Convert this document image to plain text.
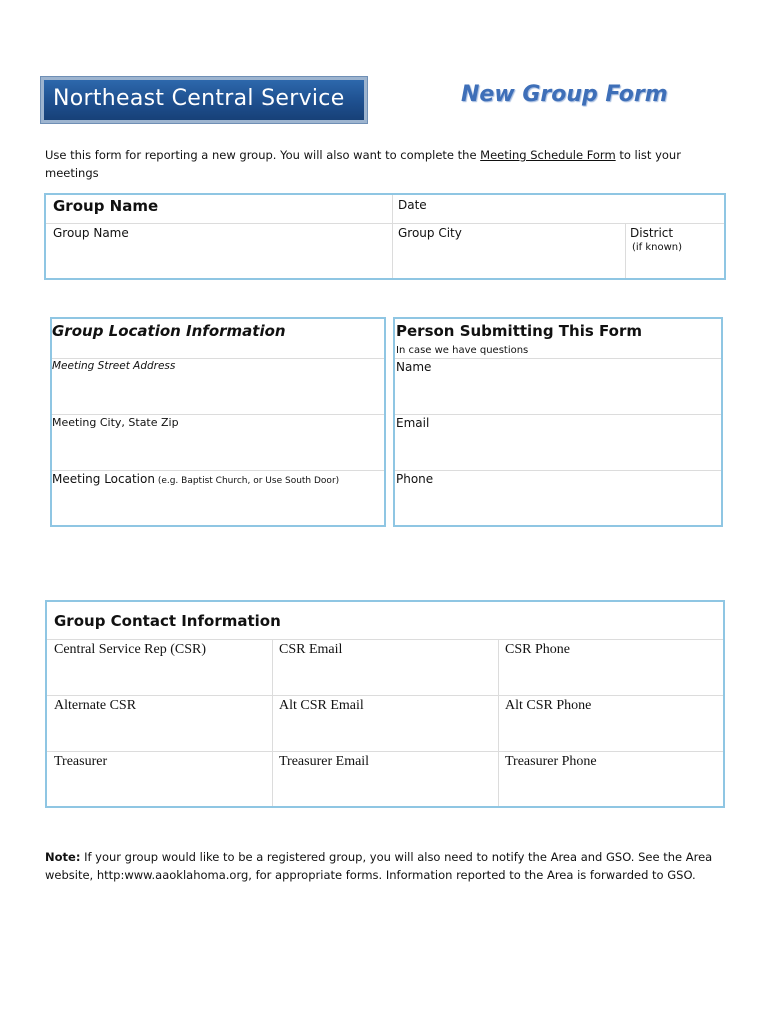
Northeast Central Service	New Group Form
Use this form for reporting a new group. You will also want to complete the Meeting Schedule Form to list your meetings
Group Name	Date
Group Name	Group City	District
(if known)
Group Location Information
Meeting Street Address
Meeting City, State Zip
Meeting Location (e.g. Baptist Church, or Use South Door)
Person Submitting This Form
In case we have questions
Name
Email
Phone
Group Contact Information
Central Service Rep (CSR)	CSR Email	CSR Phone
Alternate CSR	Alt CSR Email	Alt CSR Phone
Treasurer	Treasurer Email	Treasurer Phone
Note: If your group would like to be a registered group, you will also need to notify the Area and GSO. See the Area website, http:www.aaoklahoma.org, for appropriate forms. Information reported to the Area is forwarded to GSO.
